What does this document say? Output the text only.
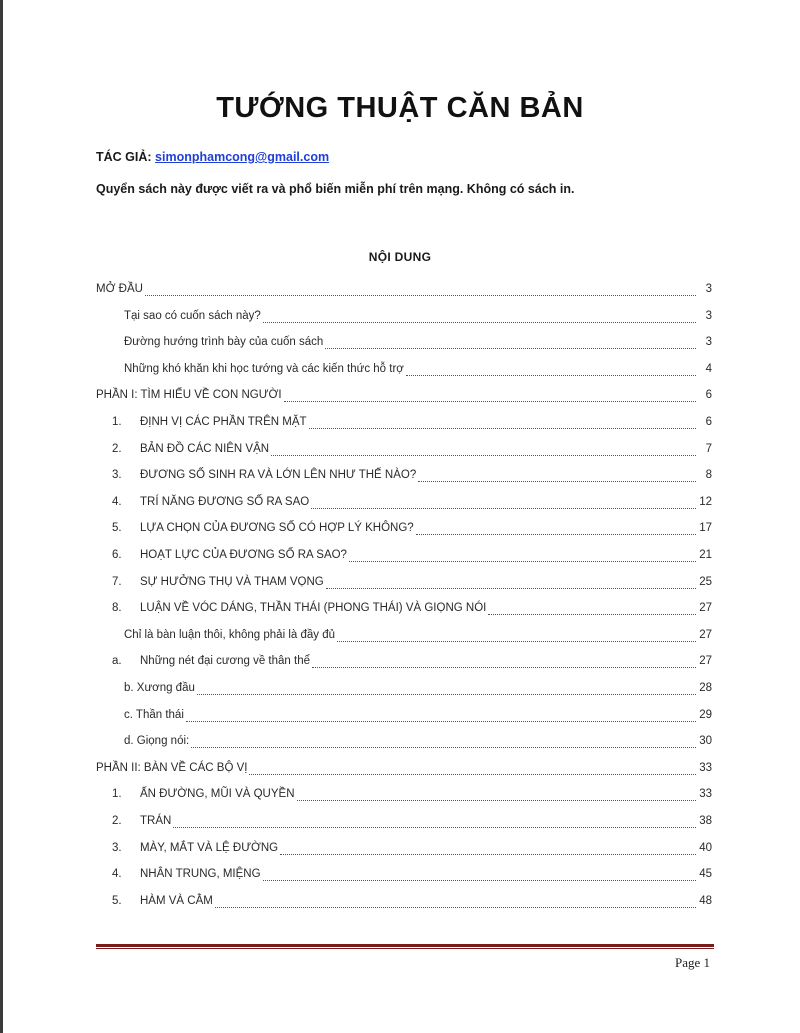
TƯỚNG THUẬT CĂN BẢN
TÁC GIẢ: simonphamcong@gmail.com
Quyển sách này được viết ra và phổ biến miễn phí trên mạng. Không có sách in.
NỘI DUNG
MỞ ĐẦU	3
Tại sao có cuốn sách này?	3
Đường hướng trình bày của cuốn sách	3
Những khó khăn khi học tướng và các kiến thức hỗ trợ	4
PHẦN I: TÌM HIỂU VỀ CON NGƯỜI	6
1.	ĐỊNH VỊ CÁC PHẦN TRÊN MẶT	6
2.	BẢN ĐỒ CÁC NIÊN VẬN	7
3.	ĐƯƠNG SỐ SINH RA VÀ LỚN LÊN NHƯ THẾ NÀO?	8
4.	TRÍ NĂNG ĐƯƠNG SỐ RA SAO	12
5.	LỰA CHỌN CỦA ĐƯƠNG SỐ CÓ HỢP LÝ KHÔNG?	17
6.	HOẠT LỰC CỦA ĐƯƠNG SỐ RA SAO?	21
7.	SỰ HƯỞNG THỤ VÀ THAM VỌNG	25
8.	LUẬN VỀ VÓC DÁNG, THẦN THÁI (PHONG THÁI) VÀ GIỌNG NÓI	27
Chỉ là bàn luận thôi, không phải là đầy đủ	27
a.	Những nét đại cương về thân thể	27
b. Xương đầu	28
c. Thần thái	29
d. Giọng nói:	30
PHẦN II: BÀN VỀ CÁC BỘ VỊ	33
1.	ẤN ĐƯỜNG, MŨI VÀ QUYỀN	33
2.	TRÁN	38
3.	MÀY, MẮT VÀ LỆ ĐƯỜNG	40
4.	NHÂN TRUNG, MIỆNG	45
5.	HÀM VÀ CẰM	48
Page 1
